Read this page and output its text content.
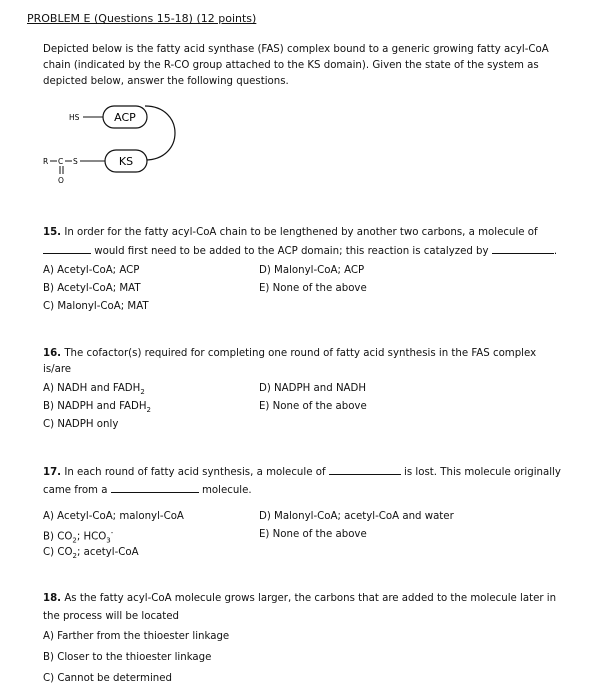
PROBLEM E (Questions 15-18) (12 points)
Depicted below is the fatty acid synthase (FAS) complex bound to a generic growing fatty acyl-CoA chain (indicated by the R-CO group attached to the KS domain). Given the state of the system as depicted below, answer the following questions.
ACP
KS
HS
R C S
O
15. In order for the fatty acyl-CoA chain to be lengthened by another two carbons, a molecule of
would first need to be added to the ACP domain; this reaction is catalyzed by	.
A) Acetyl-CoA; ACP
B) Acetyl-CoA; MAT
C) Malonyl-CoA; MAT
D) Malonyl-CoA; ACP
E) None of the above
16. The cofactor(s) required for completing one round of fatty acid synthesis in the FAS complex
is/are
A) NADH and $FADH_2$
B) NADPH and $FADH_2$
C) NADPH only
D) NADPH and NADH
E) None of the above
17. In each round of fatty acid synthesis, a molecule of	is lost. This molecule originally
came from a	molecule.
A) Acetyl-CoA; malonyl-CoA
B) $CO_2$; $HCO_3^-$
C) $CO_2$; acetyl-CoA
D) Malonyl-CoA; acetyl-CoA and water
E) None of the above
18. As the fatty acyl-CoA molecule grows larger, the carbons that are added to the molecule later in
the process will be located
A) Farther from the thioester linkage
B) Closer to the thioester linkage
C) Cannot be determined
